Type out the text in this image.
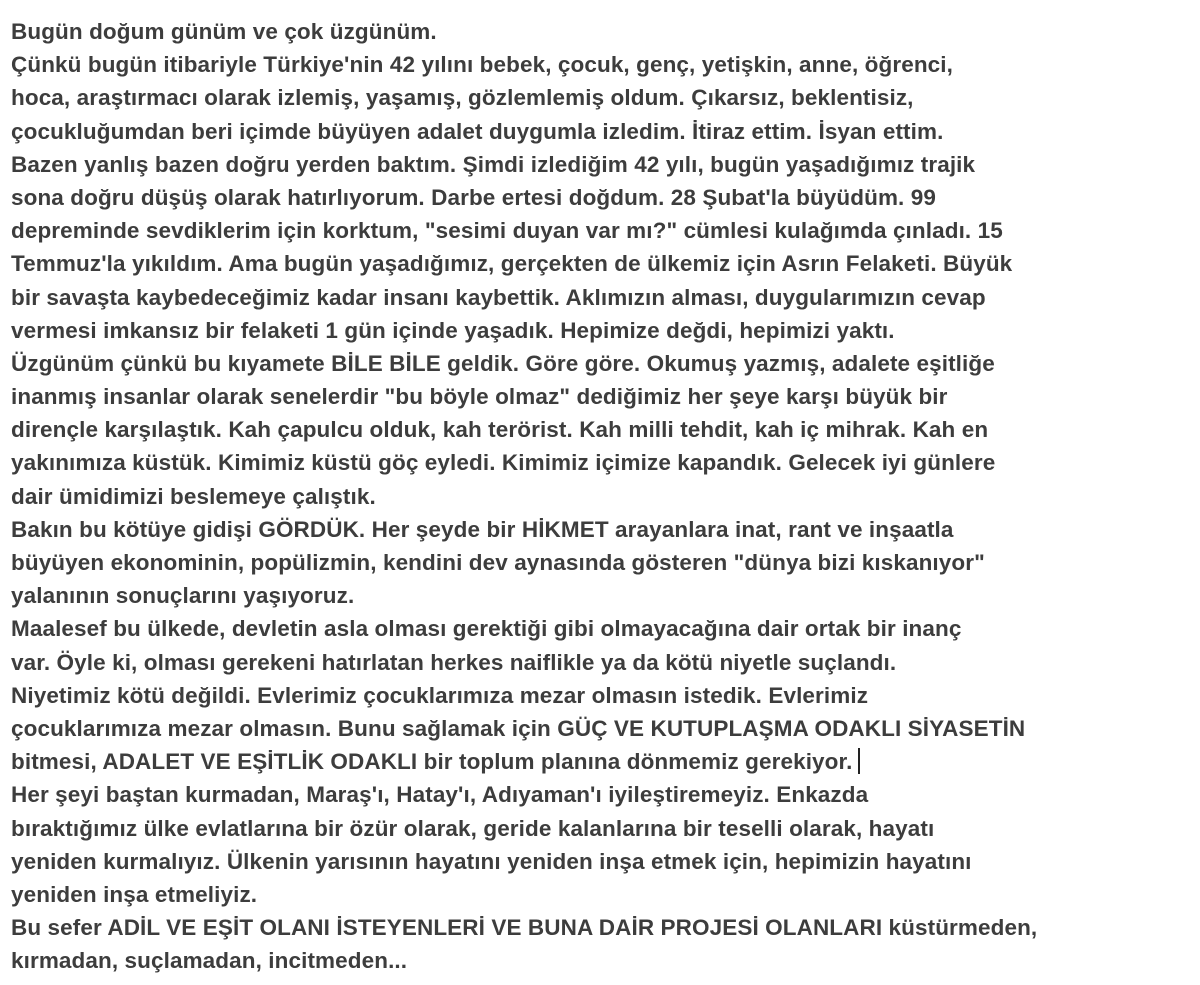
Bugün doğum günüm ve çok üzgünüm.
Çünkü bugün itibariyle Türkiye'nin 42 yılını bebek, çocuk, genç, yetişkin, anne, öğrenci,
hoca, araştırmacı olarak izlemiş, yaşamış, gözlemlemiş oldum. Çıkarsız, beklentisiz,
çocukluğumdan beri içimde büyüyen adalet duygumla izledim. İtiraz ettim. İsyan ettim.
Bazen yanlış bazen doğru yerden baktım. Şimdi izlediğim 42 yılı, bugün yaşadığımız trajik
sona doğru düşüş olarak hatırlıyorum. Darbe ertesi doğdum. 28 Şubat'la büyüdüm. 99
depreminde sevdiklerim için korktum, "sesimi duyan var mı?" cümlesi kulağımda çınladı. 15
Temmuz'la yıkıldım. Ama bugün yaşadığımız, gerçekten de ülkemiz için Asrın Felaketi. Büyük
bir savaşta kaybedeceğimiz kadar insanı kaybettik. Aklımızın alması, duygularımızın cevap
vermesi imkansız bir felaketi 1 gün içinde yaşadık. Hepimize değdi, hepimizi yaktı.
Üzgünüm çünkü bu kıyamete BİLE BİLE geldik. Göre göre. Okumuş yazmış, adalete eşitliğe
inanmış insanlar olarak senelerdir "bu böyle olmaz" dediğimiz her şeye karşı büyük bir
dirençle karşılaştık. Kah çapulcu olduk, kah terörist. Kah milli tehdit, kah iç mihrak. Kah en
yakınımıza küstük. Kimimiz küstü göç eyledi. Kimimiz içimize kapandık. Gelecek iyi günlere
dair ümidimizi beslemeye çalıştık.
Bakın bu kötüye gidişi GÖRDÜK. Her şeyde bir HİKMET arayanlara inat, rant ve inşaatla
büyüyen ekonominin, popülizmin, kendini dev aynasında gösteren "dünya bizi kıskanıyor"
yalanının sonuçlarını yaşıyoruz.
Maalesef bu ülkede, devletin asla olması gerektiği gibi olmayacağına dair ortak bir inanç
var. Öyle ki, olması gerekeni hatırlatan herkes naiflikle ya da kötü niyetle suçlandı.
Niyetimiz kötü değildi. Evlerimiz çocuklarımıza mezar olmasın istedik. Evlerimiz
çocuklarımıza mezar olmasın. Bunu sağlamak için GÜÇ VE KUTUPLAŞMA ODAKLI SİYASETİN
bitmesi, ADALET VE EŞİTLİK ODAKLI bir toplum planına dönmemiz gerekiyor.
Her şeyi baştan kurmadan, Maraş'ı, Hatay'ı, Adıyaman'ı iyileştiremeyiz. Enkazda
bıraktığımız ülke evlatlarına bir özür olarak, geride kalanlarına bir teselli olarak, hayatı
yeniden kurmalıyız. Ülkenin yarısının hayatını yeniden inşa etmek için, hepimizin hayatını
yeniden inşa etmeliyiz.
Bu sefer ADİL VE EŞİT OLANI İSTEYENLERİ VE BUNA DAİR PROJESİ OLANLARI küstürmeden,
kırmadan, suçlamadan, incitmeden...
